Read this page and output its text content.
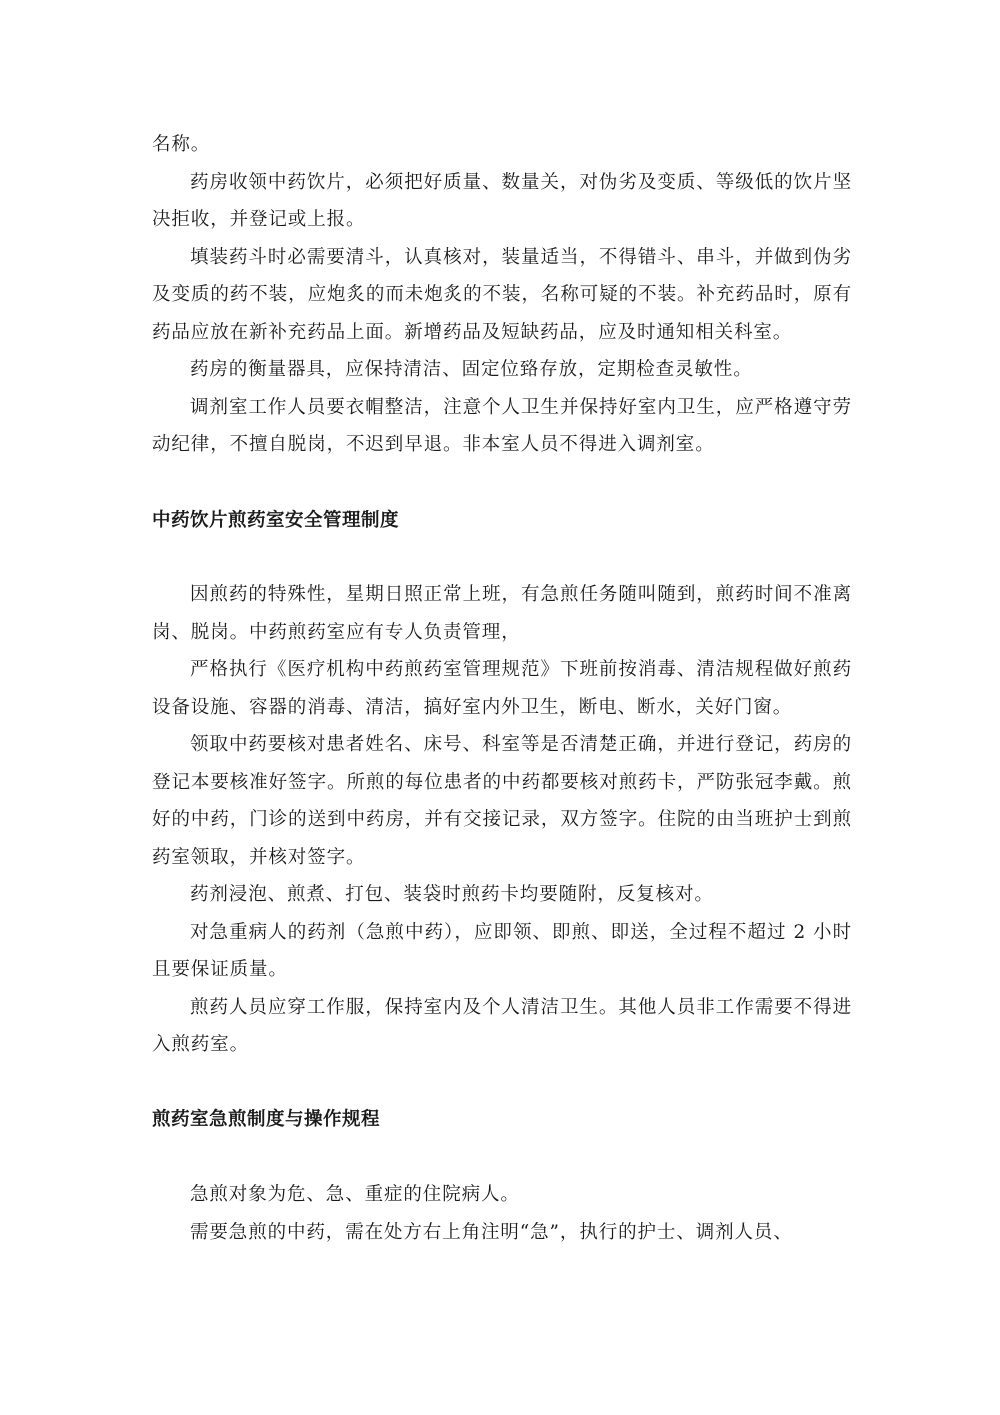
名称。

药房收领中药饮片，必须把好质量、数量关，对伪劣及变质、等级低的饮片坚决拒收，并登记或上报。

填装药斗时必需要清斗，认真核对，装量适当，不得错斗、串斗，并做到伪劣及变质的药不装，应炮炙的而未炮炙的不装，名称可疑的不装。补充药品时，原有药品应放在新补充药品上面。新增药品及短缺药品，应及时通知相关科室。

药房的衡量器具，应保持清洁、固定位臵存放，定期检查灵敏性。

调剂室工作人员要衣帽整洁，注意个人卫生并保持好室内卫生，应严格遵守劳动纪律，不擅自脱岗，不迟到早退。非本室人员不得进入调剂室。

中药饮片煎药室安全管理制度

因煎药的特殊性，星期日照正常上班，有急煎任务随叫随到，煎药时间不准离岗、脱岗。中药煎药室应有专人负责管理，

严格执行《医疗机构中药煎药室管理规范》下班前按消毒、清洁规程做好煎药设备设施、容器的消毒、清洁，搞好室内外卫生，断电、断水，关好门窗。

领取中药要核对患者姓名、床号、科室等是否清楚正确，并进行登记，药房的登记本要核准好签字。所煎的每位患者的中药都要核对煎药卡，严防张冠李戴。煎好的中药，门诊的送到中药房，并有交接记录，双方签字。住院的由当班护士到煎药室领取，并核对签字。

药剂浸泡、煎煮、打包、装袋时煎药卡均要随附，反复核对。

对急重病人的药剂（急煎中药），应即领、即煎、即送，全过程不超过 2 小时且要保证质量。

煎药人员应穿工作服，保持室内及个人清洁卫生。其他人员非工作需要不得进入煎药室。

煎药室急煎制度与操作规程

急煎对象为危、急、重症的住院病人。

需要急煎的中药，需在处方右上角注明“急”，执行的护士、调剂人员、
